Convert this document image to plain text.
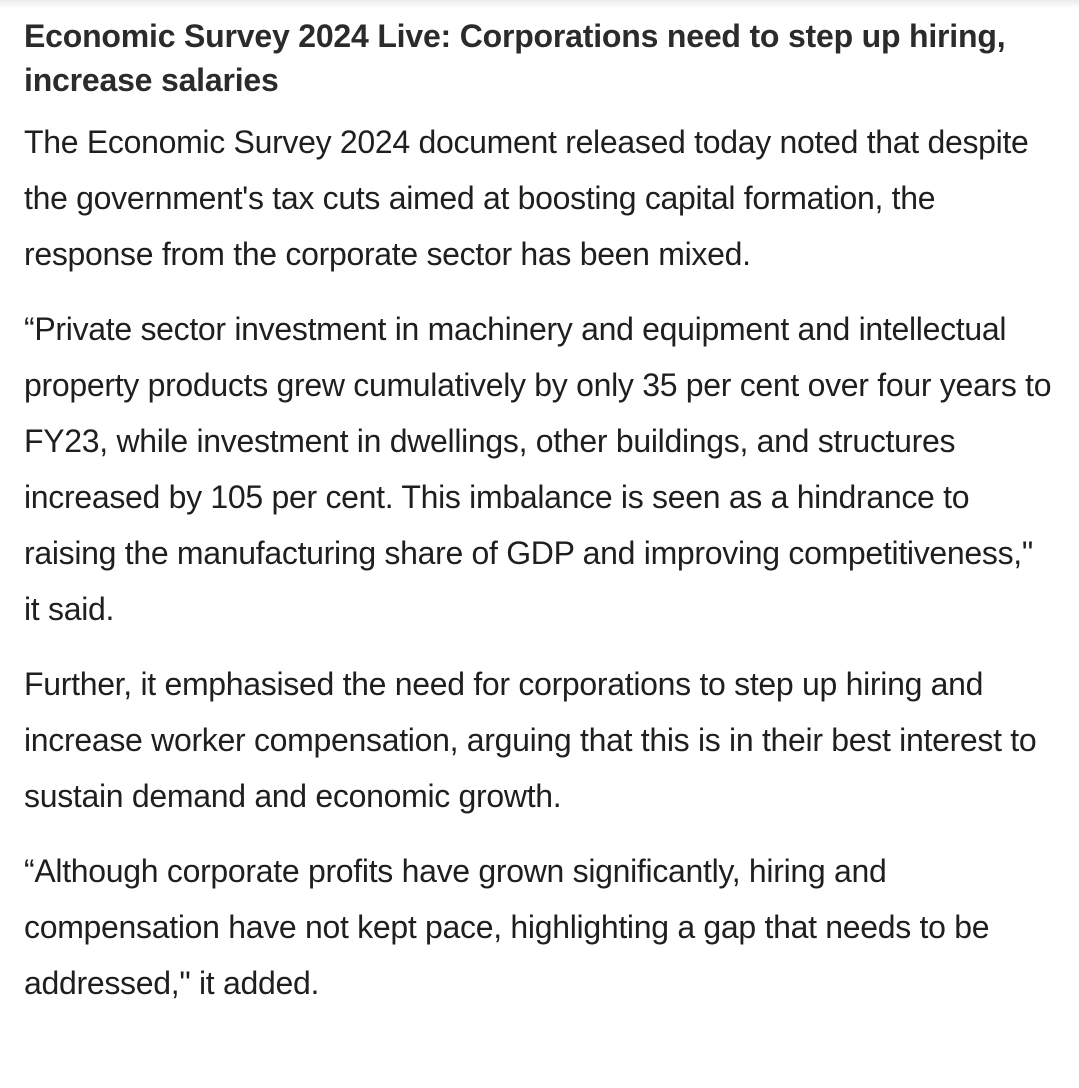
Economic Survey 2024 Live: Corporations need to step up hiring, increase salaries

The Economic Survey 2024 document released today noted that despite the government's tax cuts aimed at boosting capital formation, the response from the corporate sector has been mixed.

“Private sector investment in machinery and equipment and intellectual property products grew cumulatively by only 35 per cent over four years to FY23, while investment in dwellings, other buildings, and structures increased by 105 per cent. This imbalance is seen as a hindrance to raising the manufacturing share of GDP and improving competitiveness," it said.

Further, it emphasised the need for corporations to step up hiring and increase worker compensation, arguing that this is in their best interest to sustain demand and economic growth.

“Although corporate profits have grown significantly, hiring and compensation have not kept pace, highlighting a gap that needs to be addressed," it added.
